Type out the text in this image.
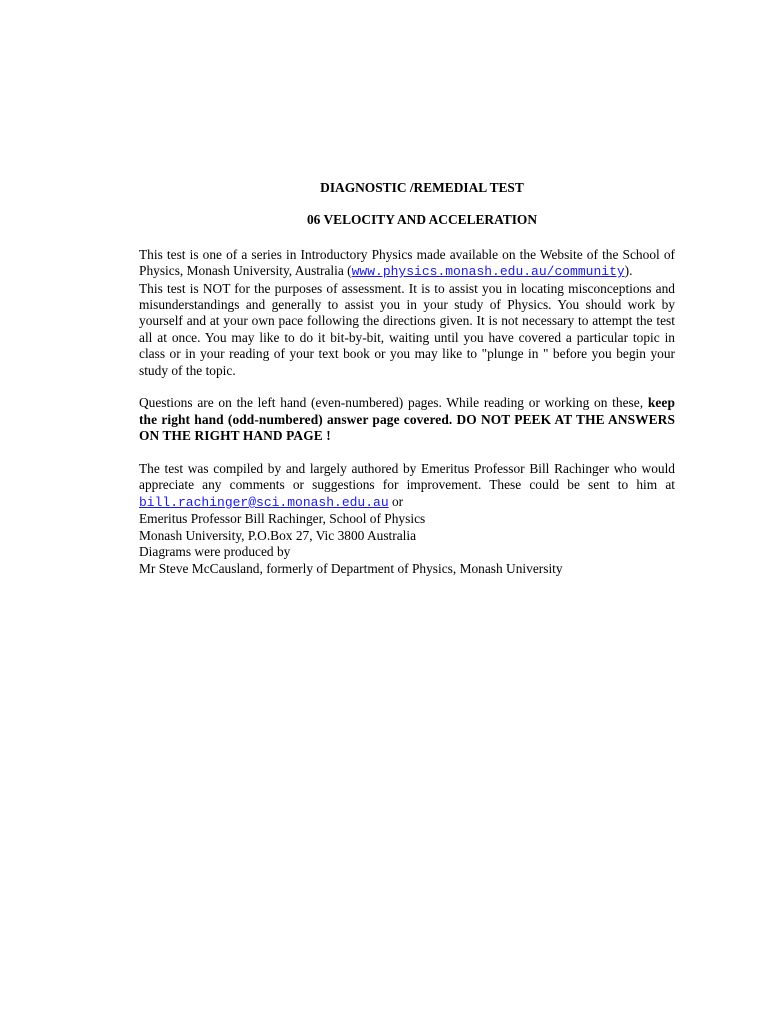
DIAGNOSTIC /REMEDIAL TEST
06 VELOCITY AND ACCELERATION

This test is one of a series in Introductory Physics made available on the Website of the School of Physics, Monash University, Australia (www.physics.monash.edu.au/community).

This test is NOT for the purposes of assessment. It is to assist you in locating misconceptions and misunderstandings and generally to assist you in your study of Physics. You should work by yourself and at your own pace following the directions given. It is not necessary to attempt the test all at once. You may like to do it bit-by-bit, waiting until you have covered a particular topic in class or in your reading of your text book or you may like to "plunge in " before you begin your study of the topic.

Questions are on the left hand (even-numbered) pages. While reading or working on these, keep the right hand (odd-numbered) answer page covered. DO NOT PEEK AT THE ANSWERS ON THE RIGHT HAND PAGE !

The test was compiled by and largely authored by Emeritus Professor Bill Rachinger who would appreciate any comments or suggestions for improvement. These could be sent to him at bill.rachinger@sci.monash.edu.au or

Emeritus Professor Bill Rachinger, School of Physics
Monash University, P.O.Box 27, Vic 3800 Australia
Diagrams were produced by
Mr Steve McCausland, formerly of Department of Physics, Monash University
